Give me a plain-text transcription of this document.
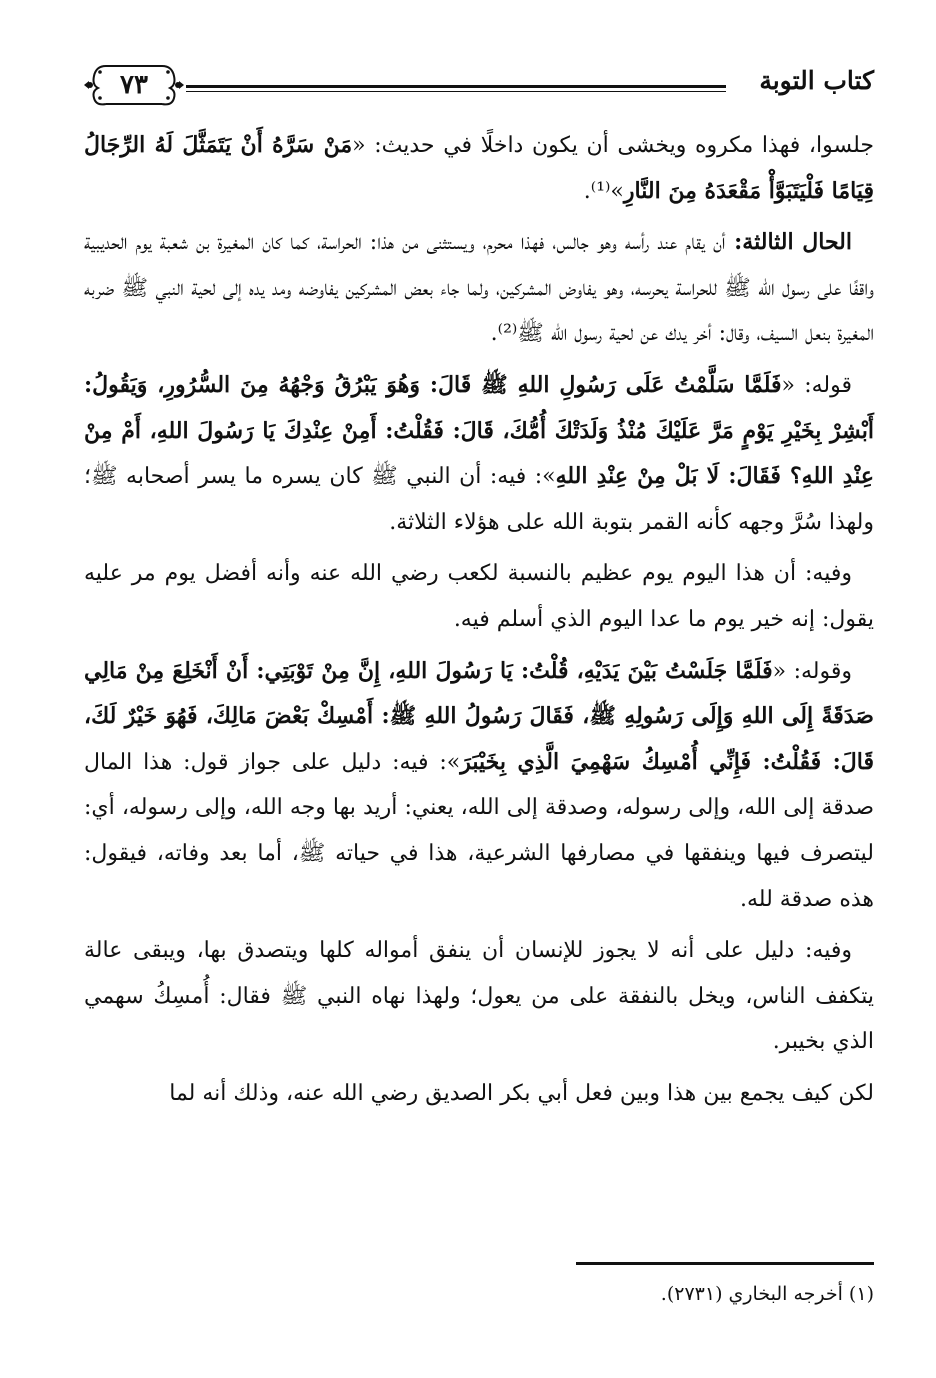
كتاب التوبة
٧٣

جلسوا، فهذا مكروه ويخشى أن يكون داخلًا في حديث: «مَنْ سَرَّهُ أَنْ يَتَمَثَّلَ لَهُ الرِّجَالُ قِيَامًا فَلْيَتَبَوَّأْ مَقْعَدَهُ مِنَ النَّارِ»⁽¹⁾.

الحال الثالثة: أن يقام عند رأسه وهو جالس، فهذا محرم، ويستثنى من هذا: الحراسة، كما كان المغيرة بن شعبة يوم الحديبية واقفًا على رسول الله ﷺ للحراسة يحرسه، وهو يفاوض المشركين، ولما جاء بعض المشركين يفاوضه ومد يده إلى لحية النبي ﷺ ضربه المغيرة بنعل السيف، وقال: أخر يدك عن لحية رسول الله ﷺ⁽²⁾.

قوله: «فَلَمَّا سَلَّمْتُ عَلَى رَسُولِ اللهِ ﷺ قَالَ: وَهُوَ يَبْرُقُ وَجْهُهُ مِنَ السُّرُورِ، وَيَقُولُ: أَبْشِرْ بِخَيْرِ يَوْمٍ مَرَّ عَلَيْكَ مُنْذُ وَلَدَتْكَ أُمُّكَ، قَالَ: فَقُلْتُ: أَمِنْ عِنْدِكَ يَا رَسُولَ اللهِ، أَمْ مِنْ عِنْدِ اللهِ؟ فَقَالَ: لَا بَلْ مِنْ عِنْدِ اللهِ»: فيه: أن النبي ﷺ كان يسره ما يسر أصحابه ﷺ؛ ولهذا سُرَّ وجهه كأنه القمر بتوبة الله على هؤلاء الثلاثة.

وفيه: أن هذا اليوم يوم عظيم بالنسبة لكعب رضي الله عنه وأنه أفضل يوم مر عليه يقول: إنه خير يوم ما عدا اليوم الذي أسلم فيه.

وقوله: «فَلَمَّا جَلَسْتُ بَيْنَ يَدَيْهِ، قُلْتُ: يَا رَسُولَ اللهِ، إِنَّ مِنْ تَوْبَتِي: أَنْ أَنْخَلِعَ مِنْ مَالِي صَدَقَةً إِلَى اللهِ وَإِلَى رَسُولِهِ ﷺ، فَقَالَ رَسُولُ اللهِ ﷺ: أَمْسِكْ بَعْضَ مَالِكَ، فَهُوَ خَيْرٌ لَكَ، قَالَ: فَقُلْتُ: فَإِنِّي أُمْسِكُ سَهْمِيَ الَّذِي بِخَيْبَرَ»: فيه: دليل على جواز قول: هذا المال صدقة إلى الله، وإلى رسوله، وصدقة إلى الله، يعني: أريد بها وجه الله، وإلى رسوله، أي: ليتصرف فيها وينفقها في مصارفها الشرعية، هذا في حياته ﷺ، أما بعد وفاته، فيقول: هذه صدقة لله.

وفيه: دليل على أنه لا يجوز للإنسان أن ينفق أمواله كلها ويتصدق بها، ويبقى عالة يتكفف الناس، ويخل بالنفقة على من يعول؛ ولهذا نهاه النبي ﷺ فقال: أُمسِكُ سهمي الذي بخيبر.

لكن كيف يجمع بين هذا وبين فعل أبي بكر الصديق رضي الله عنه، وذلك أنه لما

(١) أخرجه البخاري (٢٧٣١).
